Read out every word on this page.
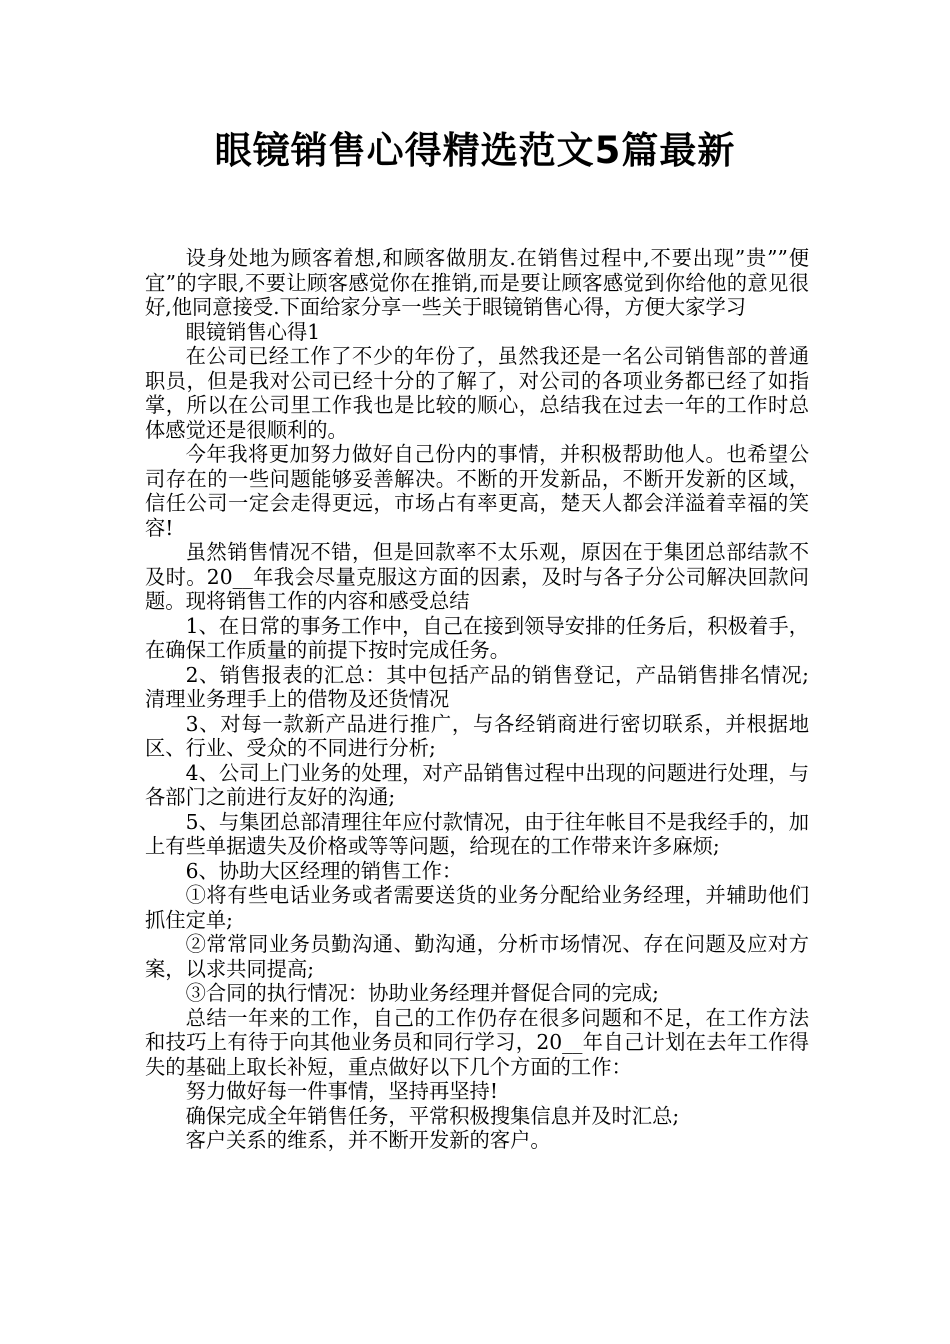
眼镜销售心得精选范文5篇最新

设身处地为顾客着想,和顾客做朋友.在销售过程中,不要出现”贵””便宜”的字眼,不要让顾客感觉你在推销,而是要让顾客感觉到你给他的意见很好,他同意接受.下面给家分享一些关于眼镜销售心得，方便大家学习

眼镜销售心得1

在公司已经工作了不少的年份了，虽然我还是一名公司销售部的普通职员，但是我对公司已经十分的了解了，对公司的各项业务都已经了如指掌，所以在公司里工作我也是比较的顺心，总结我在过去一年的工作时总体感觉还是很顺利的。

今年我将更加努力做好自己份内的事情，并积极帮助他人。也希望公司存在的一些问题能够妥善解决。不断的开发新品，不断开发新的区域，信任公司一定会走得更远，市场占有率更高，楚天人都会洋溢着幸福的笑容!

虽然销售情况不错，但是回款率不太乐观，原因在于集团总部结款不及时。20__年我会尽量克服这方面的因素，及时与各子分公司解决回款问题。现将销售工作的内容和感受总结

1、在日常的事务工作中，自己在接到领导安排的任务后，积极着手，在确保工作质量的前提下按时完成任务。

2、销售报表的汇总：其中包括产品的销售登记，产品销售排名情况;清理业务理手上的借物及还货情况

3、对每一款新产品进行推广，与各经销商进行密切联系，并根据地区、行业、受众的不同进行分析;

4、公司上门业务的处理，对产品销售过程中出现的问题进行处理，与各部门之前进行友好的沟通;

5、与集团总部清理往年应付款情况，由于往年帐目不是我经手的，加上有些单据遗失及价格或等等问题，给现在的工作带来许多麻烦;

6、协助大区经理的销售工作：

①将有些电话业务或者需要送货的业务分配给业务经理，并辅助他们抓住定单;

②常常同业务员勤沟通、勤沟通，分析市场情况、存在问题及应对方案，以求共同提高;

③合同的执行情况：协助业务经理并督促合同的完成;

总结一年来的工作，自己的工作仍存在很多问题和不足，在工作方法和技巧上有待于向其他业务员和同行学习，20__年自己计划在去年工作得失的基础上取长补短，重点做好以下几个方面的工作：

努力做好每一件事情，坚持再坚持!

确保完成全年销售任务，平常积极搜集信息并及时汇总;

客户关系的维系，并不断开发新的客户。
